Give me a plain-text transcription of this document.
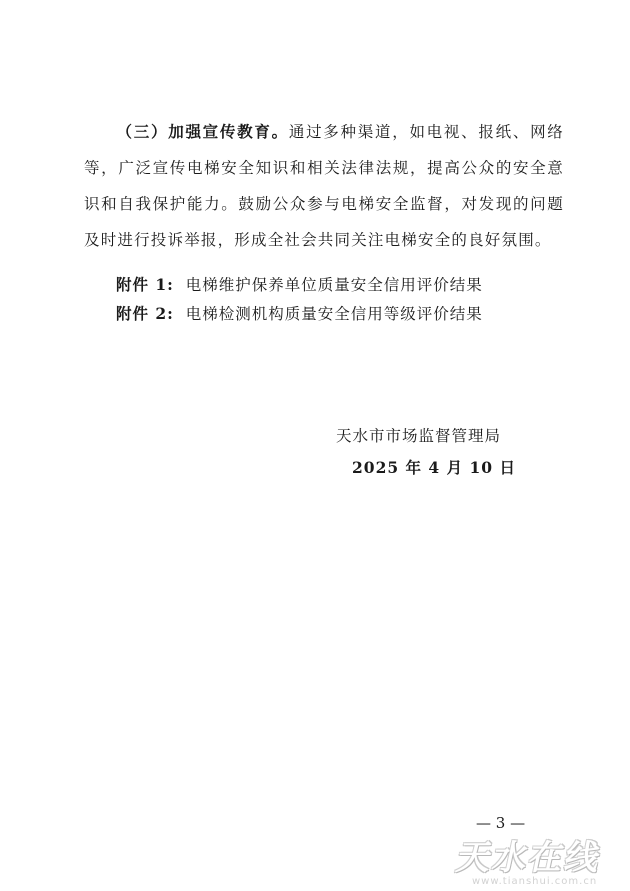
（三）加强宣传教育。通过多种渠道，如电视、报纸、网络等，广泛宣传电梯安全知识和相关法律法规，提高公众的安全意识和自我保护能力。鼓励公众参与电梯安全监督，对发现的问题及时进行投诉举报，形成全社会共同关注电梯安全的良好氛围。
附件 1: 电梯维护保养单位质量安全信用评价结果
附件 2: 电梯检测机构质量安全信用等级评价结果
天水市市场监督管理局
2025 年 4 月 10 日
— 3 —
天水在线
www.tianshui.com.cn
